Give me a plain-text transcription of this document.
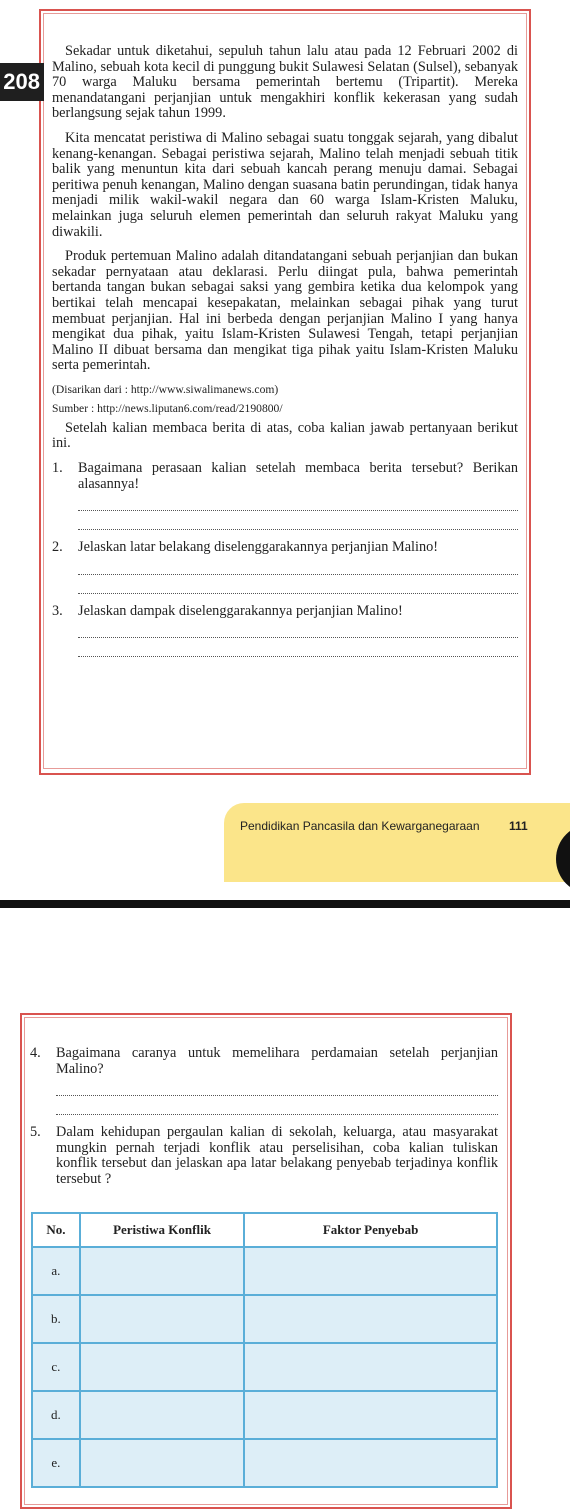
208

Sekadar untuk diketahui, sepuluh tahun lalu atau pada 12 Februari 2002 di Malino, sebuah kota kecil di punggung bukit Sulawesi Selatan (Sulsel), sebanyak 70 warga Maluku bersama pemerintah bertemu (Tripartit). Mereka menandatangani perjanjian untuk mengakhiri konflik kekerasan yang sudah berlangsung sejak tahun 1999.

Kita mencatat peristiwa di Malino sebagai suatu tonggak sejarah, yang dibalut kenang-kenangan. Sebagai peristiwa sejarah, Malino telah menjadi sebuah titik balik yang menuntun kita dari sebuah kancah perang menuju damai. Sebagai peritiwa penuh kenangan, Malino dengan suasana batin perundingan, tidak hanya menjadi milik wakil-wakil negara dan 60 warga Islam-Kristen Maluku, melainkan juga seluruh elemen pemerintah dan seluruh rakyat Maluku yang diwakili.

Produk pertemuan Malino adalah ditandatangani sebuah perjanjian dan bukan sekadar pernyataan atau deklarasi. Perlu diingat pula, bahwa pemerintah bertanda tangan bukan sebagai saksi yang gembira ketika dua kelompok yang bertikai telah mencapai kesepakatan, melainkan sebagai pihak yang turut membuat perjanjian. Hal ini berbeda dengan perjanjian Malino I yang hanya mengikat dua pihak, yaitu Islam-Kristen Sulawesi Tengah, tetapi perjanjian Malino II dibuat bersama dan mengikat tiga pihak yaitu Islam-Kristen Maluku serta pemerintah.

(Disarikan dari : http://www.siwalimanews.com)

Sumber : http://news.liputan6.com/read/2190800/

Setelah kalian membaca berita di atas, coba kalian jawab pertanyaan berikut ini.

1.	Bagaimana perasaan kalian setelah membaca berita tersebut? Berikan alasannya!
2.	Jelaskan latar belakang diselenggarakannya perjanjian Malino!
3.	Jelaskan dampak diselenggarakannya perjanjian Malino!
Pendidikan Pancasila dan Kewarganegaraan 111
4.	Bagaimana caranya untuk memelihara perdamaian setelah perjanjian Malino?
5.	Dalam kehidupan pergaulan kalian di sekolah, keluarga, atau masyarakat mungkin pernah terjadi konflik atau perselisihan, coba kalian tuliskan konflik tersebut dan jelaskan apa latar belakang penyebab terjadinya konflik tersebut ?
No.	Peristiwa Konflik	Faktor Penyebab
a.		
b.		
c.		
d.		
e.		
